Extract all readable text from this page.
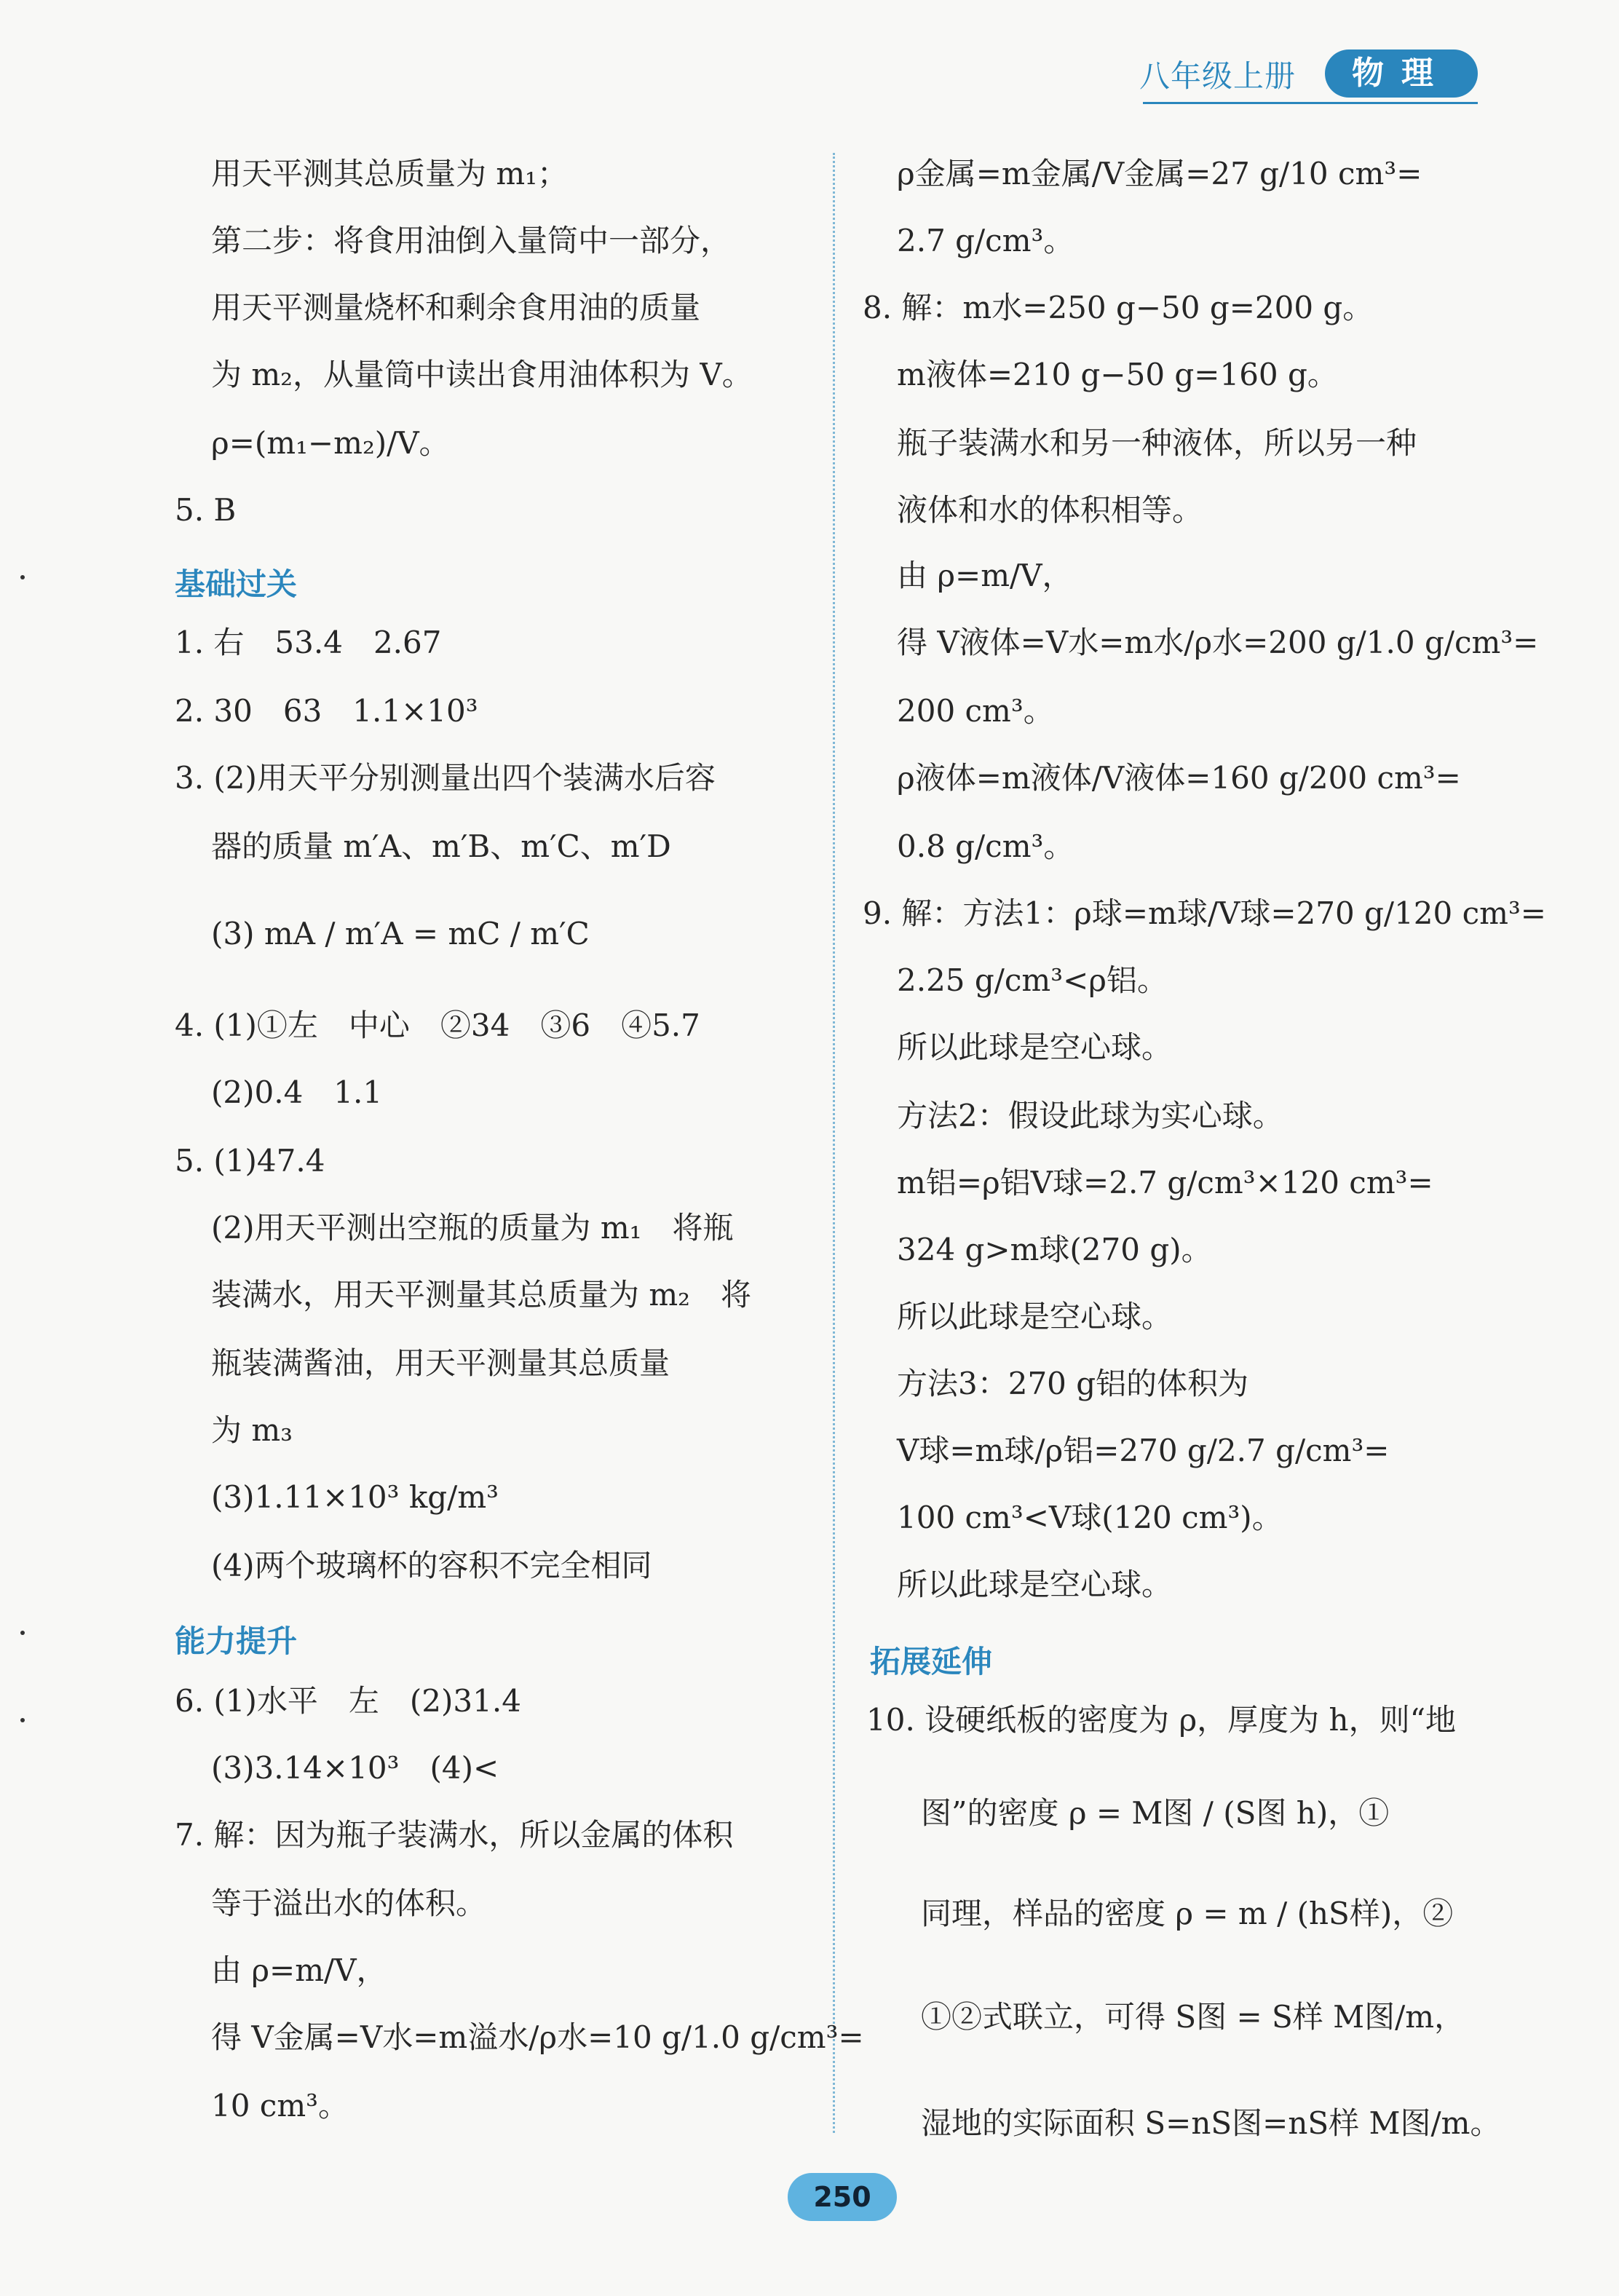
八年级上册	物理
用天平测其总质量为 m₁；
第二步：将食用油倒入量筒中一部分，
用天平测量烧杯和剩余食用油的质量
为 m₂，从量筒中读出食用油体积为 V。
ρ=(m₁−m₂)/V。
5. B
基础过关
1. 右　53.4　2.67
2. 30　63　1.1×10³
3. (2)用天平分别测量出四个装满水后容
器的质量 m′A、m′B、m′C、m′D
(3) mA / m′A = mC / m′C
4. (1)①左　中心　②34　③6　④5.7
(2)0.4　1.1
5. (1)47.4
(2)用天平测出空瓶的质量为 m₁　将瓶
装满水，用天平测量其总质量为 m₂　将
瓶装满酱油，用天平测量其总质量
为 m₃
(3)1.11×10³ kg/m³
(4)两个玻璃杯的容积不完全相同
能力提升
6. (1)水平　左　(2)31.4
(3)3.14×10³　(4)<
7. 解：因为瓶子装满水，所以金属的体积
等于溢出水的体积。
由 ρ=m/V，
得 V金属=V水=m溢水/ρ水=10 g/1.0 g/cm³=
10 cm³。
ρ金属=m金属/V金属=27 g/10 cm³=
2.7 g/cm³。
8. 解：m水=250 g−50 g=200 g。
m液体=210 g−50 g=160 g。
瓶子装满水和另一种液体，所以另一种
液体和水的体积相等。
由 ρ=m/V，
得 V液体=V水=m水/ρ水=200 g/1.0 g/cm³=
200 cm³。
ρ液体=m液体/V液体=160 g/200 cm³=
0.8 g/cm³。
9. 解：方法1：ρ球=m球/V球=270 g/120 cm³=
2.25 g/cm³<ρ铝。
所以此球是空心球。
方法2：假设此球为实心球。
m铝=ρ铝V球=2.7 g/cm³×120 cm³=
324 g>m球(270 g)。
所以此球是空心球。
方法3：270 g铝的体积为
V球=m球/ρ铝=270 g/2.7 g/cm³=
100 cm³<V球(120 cm³)。
所以此球是空心球。
拓展延伸
10. 设硬纸板的密度为 ρ，厚度为 h，则“地
图”的密度 ρ = M图 / (S图 h)，①
同理，样品的密度 ρ = m / (hS样)，②
①②式联立，可得 S图 = S样 M图/m，
湿地的实际面积 S=nS图=nS样 M图/m。
250
